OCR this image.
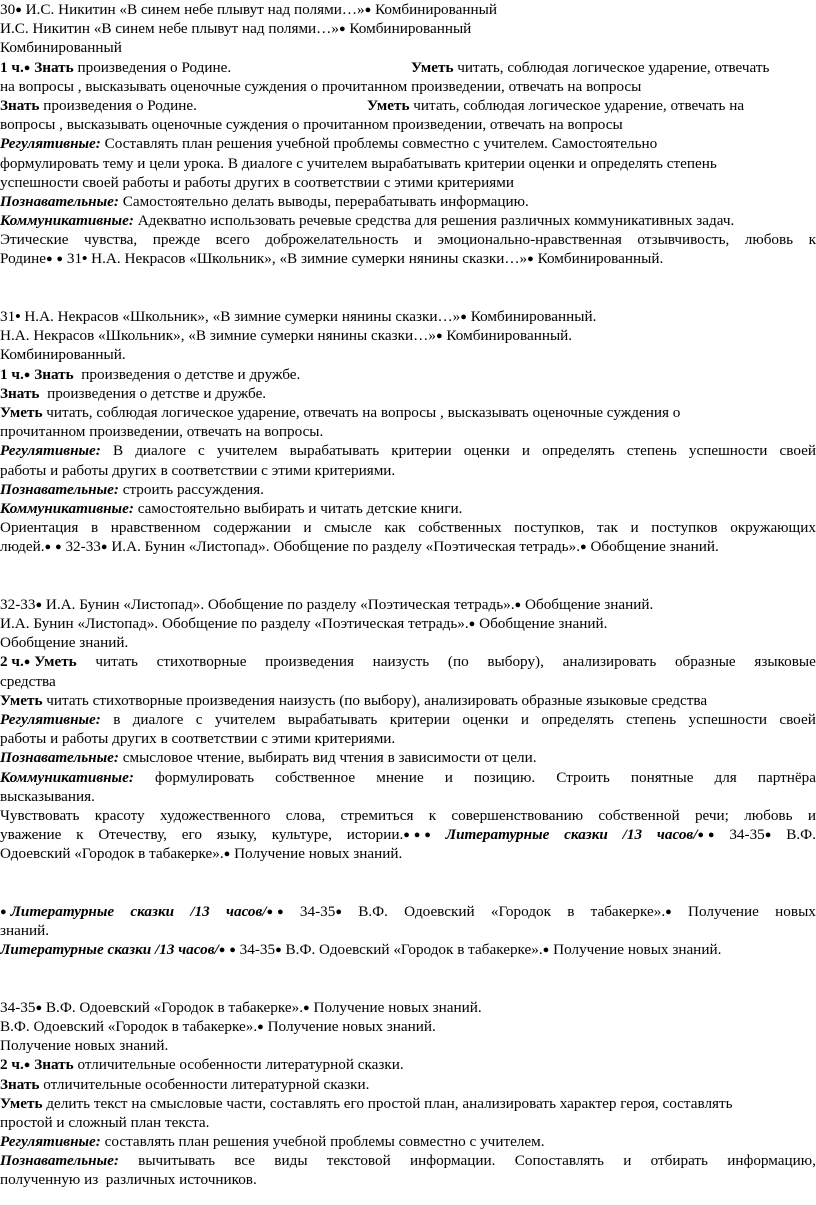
30● И.С. Никитин «В синем небе плывут над полями…»● Комбинированный
И.С. Никитин «В синем небе плывут над полями…»● Комбинированный
Комбинированный
1 ч.● Знать произведения о Родине.	Уметь читать, соблюдая логическое ударение, отвечать
на вопросы , высказывать оценочные суждения о прочитанном произведении, отвечать на вопросы
Знать произведения о Родине.	Уметь читать, соблюдая логическое ударение, отвечать на
вопросы , высказывать оценочные суждения о прочитанном произведении, отвечать на вопросы
Регулятивные: Составлять план решения учебной проблемы совместно с учителем. Самостоятельно
формулировать тему и цели урока. В диалоге с учителем вырабатывать критерии оценки и определять степень
успешности своей работы и работы других в соответствии с этими критериями
Познавательные: Самостоятельно делать выводы, перерабатывать информацию.
Коммуникативные: Адекватно использовать речевые средства для решения различных коммуникативных задач.
Этические чувства, прежде всего доброжелательность и эмоционально-нравственная отзывчивость, любовь к
Родине● ● 31• Н.А. Некрасов «Школьник», «В зимние сумерки нянины сказки…»● Комбинированный.
31• Н.А. Некрасов «Школьник», «В зимние сумерки нянины сказки…»● Комбинированный.
Н.А. Некрасов «Школьник», «В зимние сумерки нянины сказки…»● Комбинированный.
Комбинированный.
1 ч.● Знать произведения о детстве и дружбе.
Знать произведения о детстве и дружбе.
Уметь читать, соблюдая логическое ударение, отвечать на вопросы , высказывать оценочные суждения о
прочитанном произведении, отвечать на вопросы.
Регулятивные: В диалоге с учителем вырабатывать критерии оценки и определять степень успешности своей
работы и работы других в соответствии с этими критериями.
Познавательные: строить рассуждения.
Коммуникативные: самостоятельно выбирать и читать детские книги.
Ориентация в нравственном содержании и смысле как собственных поступков, так и поступков окружающих
людей.● ● 32-33● И.А. Бунин «Листопад». Обобщение по разделу «Поэтическая тетрадь».● Обобщение знаний.
32-33● И.А. Бунин «Листопад». Обобщение по разделу «Поэтическая тетрадь».● Обобщение знаний.
И.А. Бунин «Листопад». Обобщение по разделу «Поэтическая тетрадь».● Обобщение знаний.
Обобщение знаний.
2 ч.● Уметь читать стихотворные произведения наизусть (по выбору), анализировать образные языковые
средства
Уметь читать стихотворные произведения наизусть (по выбору), анализировать образные языковые средства
Регулятивные: в диалоге с учителем вырабатывать критерии оценки и определять степень успешности своей
работы и работы других в соответствии с этими критериями.
Познавательные: смысловое чтение, выбирать вид чтения в зависимости от цели.
Коммуникативные: формулировать собственное мнение и позицию. Строить понятные для партнёра
высказывания.
Чувствовать красоту художественного слова, стремиться к совершенствованию собственной речи; любовь и
уважение к Отечеству, его языку, культуре, истории.● ● ● Литературные сказки /13 часов/● ● 34-35● В.Ф.
Одоевский «Городок в табакерке».● Получение новых знаний.
● Литературные сказки /13 часов/● ● 34-35● В.Ф. Одоевский «Городок в табакерке».● Получение новых
знаний.
Литературные сказки /13 часов/● ● 34-35● В.Ф. Одоевский «Городок в табакерке».● Получение новых знаний.
34-35● В.Ф. Одоевский «Городок в табакерке».● Получение новых знаний.
В.Ф. Одоевский «Городок в табакерке».● Получение новых знаний.
Получение новых знаний.
2 ч.● Знать отличительные особенности литературной сказки.
Знать отличительные особенности литературной сказки.
Уметь делить текст на смысловые части, составлять его простой план, анализировать характер героя, составлять
простой и сложный план текста.
Регулятивные: составлять план решения учебной проблемы совместно с учителем.
Познавательные: вычитывать все виды текстовой информации. Сопоставлять и отбирать информацию,
полученную из  различных источников.
